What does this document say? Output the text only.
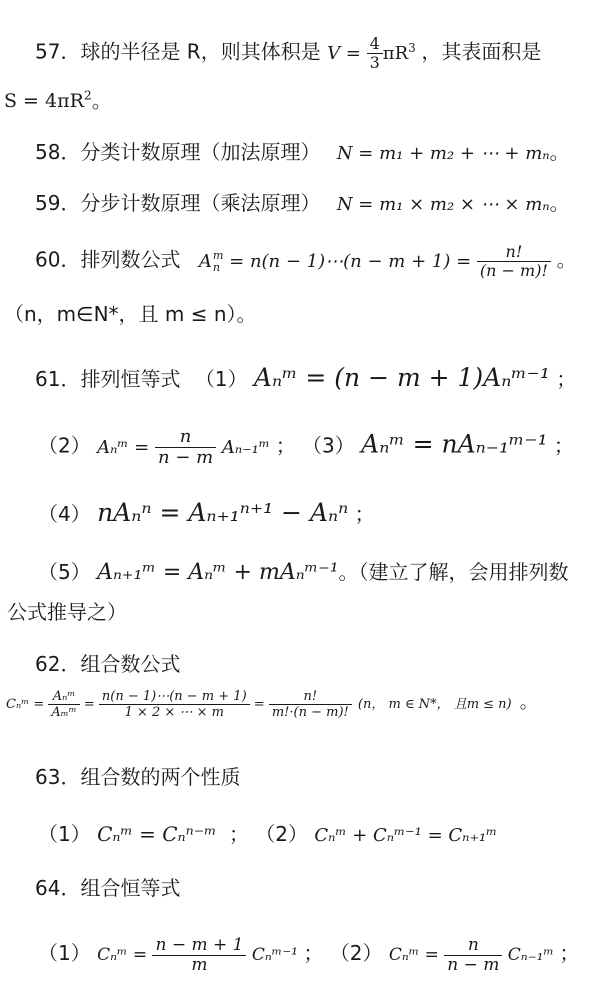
57．球的半径是 R，则其体积是 $V = \frac{4}{3} \pi R^3$ ，其表面积是
$S = 4\pi R^2$。
58．分类计数原理（加法原理） N = m₁ + m₂ + ⋯ + mₙ。
59．分步计数原理（乘法原理） N = m₁ × m₂ × ⋯ × mₙ。
60．排列数公式 A m
n = n(n − 1)⋯(n − $m + 1) = \frac{n!}{(n - m)!}$ 。
（n，m∈N*，且 m ≤ n）。
61．排列恒等式 （1） Aₙᵐ = (n − m + 1)Aₙᵐ⁻¹ ；
（2） Aₙᵐ = $\frac{n}{n - m}$ Aₙ₋₁ᵐ ； （3） Aₙᵐ = nAₙ₋₁ᵐ⁻¹ ；
（4） nAₙⁿ = Aₙ₊₁ⁿ⁺¹ − Aₙⁿ ；
（5） Aₙ₊₁ᵐ = Aₙᵐ + mAₙᵐ⁻¹。（建立了解，会用排列数
公式推导之）
62．组合数公式
Cₙᵐ = $\frac{\text{Aₙᵐ}}{\text{Aₘᵐ}} = \frac{n(n - 1)\cdots(n - m + 1)}{1 \times 2 \times \cdots \times m} = \frac{n!}{m!\cdot(n - m)!} (n$， m ∈ N*， 且m ≤ n) 。
63．组合数的两个性质
（1） Cₙᵐ = Cₙⁿ⁻ᵐ ； （2） Cₙᵐ + Cₙᵐ⁻¹ = Cₙ₊₁ᵐ
64．组合恒等式
（1） Cₙᵐ = $\frac{n - m + 1}{m}$ Cₙᵐ⁻¹ ； （2） Cₙᵐ = $\frac{n}{n - m}$ Cₙ₋₁ᵐ ；
